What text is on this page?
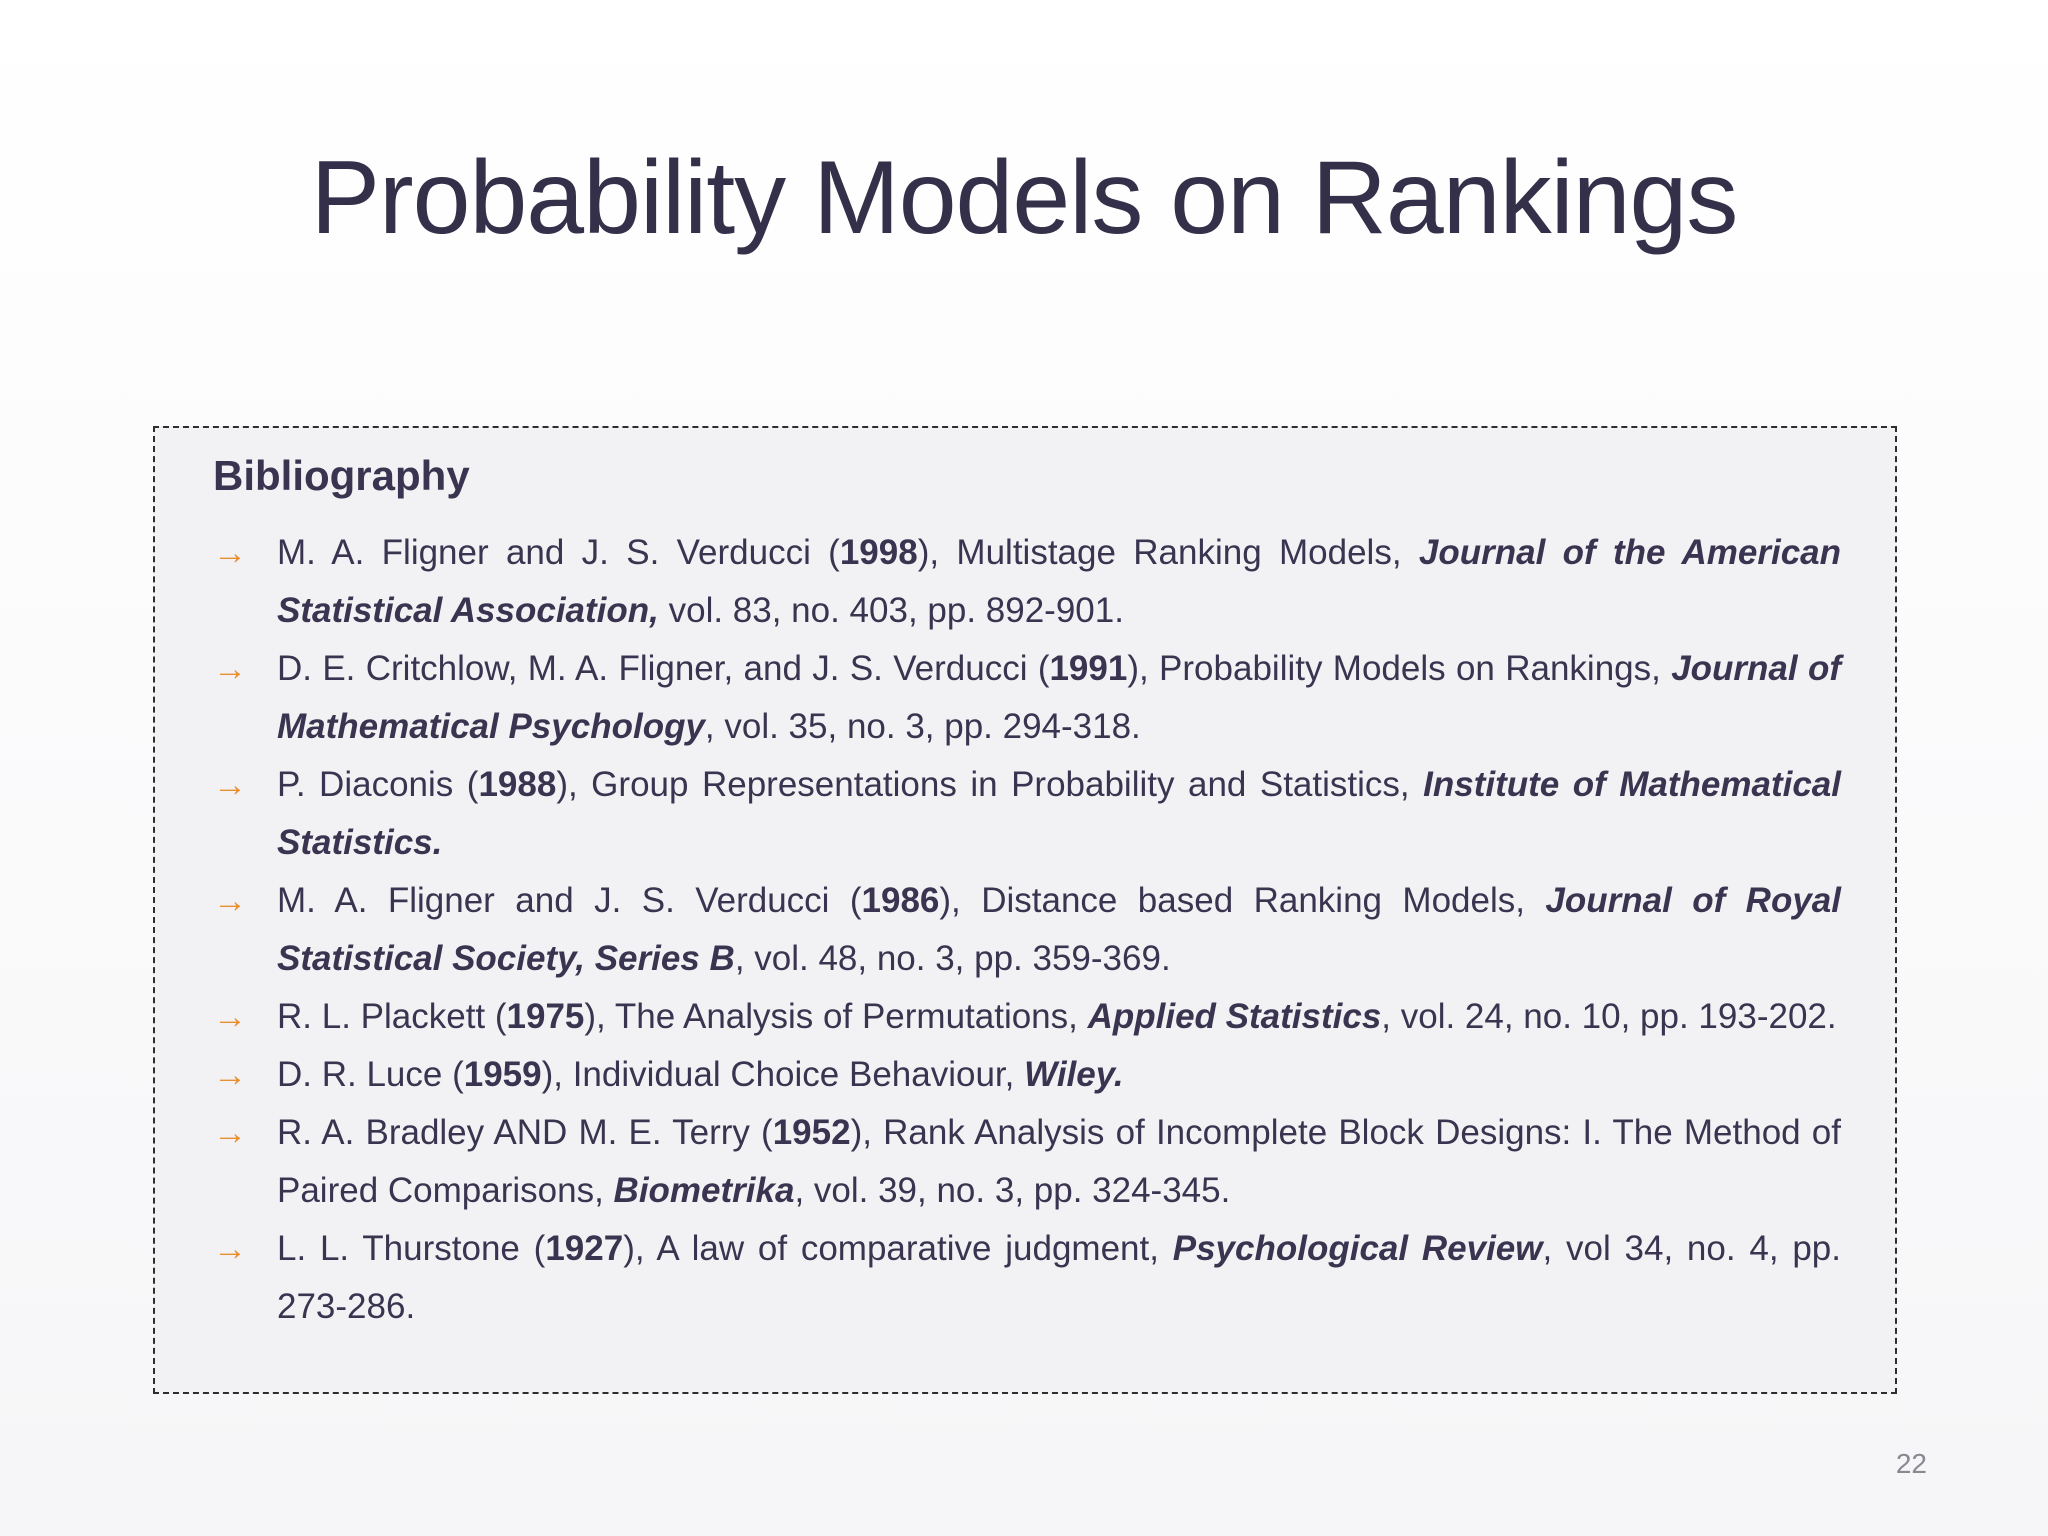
Probability Models on Rankings
Bibliography
→ M. A. Fligner and J. S. Verducci (1998), Multistage Ranking Models, Journal of the American Statistical Association, vol. 83, no. 403, pp. 892-901.
→ D. E. Critchlow, M. A. Fligner, and J. S. Verducci (1991), Probability Models on Rankings, Journal of Mathematical Psychology, vol. 35, no. 3, pp. 294-318.
→ P. Diaconis (1988), Group Representations in Probability and Statistics, Institute of Mathematical Statistics.
→ M. A. Fligner and J. S. Verducci (1986), Distance based Ranking Models, Journal of Royal Statistical Society, Series B, vol. 48, no. 3, pp. 359-369.
→ R. L. Plackett (1975), The Analysis of Permutations, Applied Statistics, vol. 24, no. 10, pp. 193-202.
→ D. R. Luce (1959), Individual Choice Behaviour, Wiley.
→ R. A. Bradley AND M. E. Terry (1952), Rank Analysis of Incomplete Block Designs: I. The Method of Paired Comparisons, Biometrika, vol. 39, no. 3, pp. 324-345.
→ L. L. Thurstone (1927), A law of comparative judgment, Psychological Review, vol 34, no. 4, pp. 273-286.
22
